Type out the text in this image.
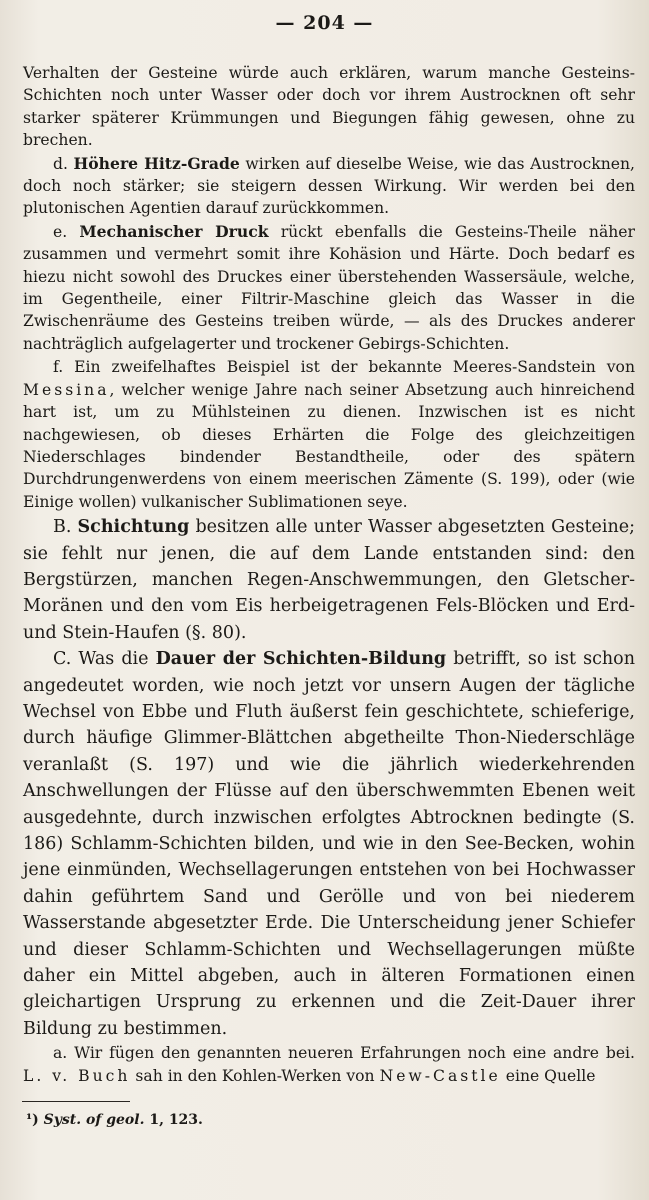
— 204 —

Verhalten der Gesteine würde auch erklären, warum manche Gesteins-Schichten noch unter Wasser oder doch vor ihrem Austrocknen oft sehr starker späterer Krümmungen und Biegungen fähig gewesen, ohne zu brechen.

d. Höhere Hitz-Grade wirken auf dieselbe Weise, wie das Austrocknen, doch noch stärker; sie steigern dessen Wirkung. Wir werden bei den plutonischen Agentien darauf zurückkommen.

e. Mechanischer Druck rückt ebenfalls die Gesteins-Theile näher zusammen und vermehrt somit ihre Kohäsion und Härte. Doch bedarf es hiezu nicht sowohl des Druckes einer überstehenden Wassersäule, welche, im Gegentheile, einer Filtrir-Maschine gleich das Wasser in die Zwischenräume des Gesteins treiben würde, — als des Druckes anderer nachträglich aufgelagerter und trockener Gebirgs-Schichten.

f. Ein zweifelhaftes Beispiel ist der bekannte Meeres-Sandstein von Messina, welcher wenige Jahre nach seiner Absetzung auch hinreichend hart ist, um zu Mühlsteinen zu dienen. Inzwischen ist es nicht nachgewiesen, ob dieses Erhärten die Folge des gleichzeitigen Niederschlages bindender Bestandtheile, oder des spätern Durchdrungenwerdens von einem meerischen Zämente (S. 199), oder (wie Einige wollen) vulkanischer Sublimationen seye.

B. Schichtung besitzen alle unter Wasser abgesetzten Gesteine; sie fehlt nur jenen, die auf dem Lande entstanden sind: den Bergstürzen, manchen Regen-Anschwemmungen, den Gletscher-Moränen und den vom Eis herbeigetragenen Fels-Blöcken und Erd- und Stein-Haufen (§. 80).

C. Was die Dauer der Schichten-Bildung betrifft, so ist schon angedeutet worden, wie noch jetzt vor unsern Augen der tägliche Wechsel von Ebbe und Fluth äußerst fein geschichtete, schieferige, durch häufige Glimmer-Blättchen abgetheilte Thon-Niederschläge veranlaßt (S. 197) und wie die jährlich wiederkehrenden Anschwellungen der Flüsse auf den überschwemmten Ebenen weit ausgedehnte, durch inzwischen erfolgtes Abtrocknen bedingte (S. 186) Schlamm-Schichten bilden, und wie in den See-Becken, wohin jene einmünden, Wechsellagerungen entstehen von bei Hochwasser dahin geführtem Sand und Gerölle und von bei niederem Wasserstande abgesetzter Erde. Die Unterscheidung jener Schiefer und dieser Schlamm-Schichten und Wechsellagerungen müßte daher ein Mittel abgeben, auch in älteren Formationen einen gleichartigen Ursprung zu erkennen und die Zeit-Dauer ihrer Bildung zu bestimmen.

a. Wir fügen den genannten neueren Erfahrungen noch eine andre bei. L. v. Buch sah in den Kohlen-Werken von New-Castle eine Quelle

¹) Syst. of geol. 1, 123.
